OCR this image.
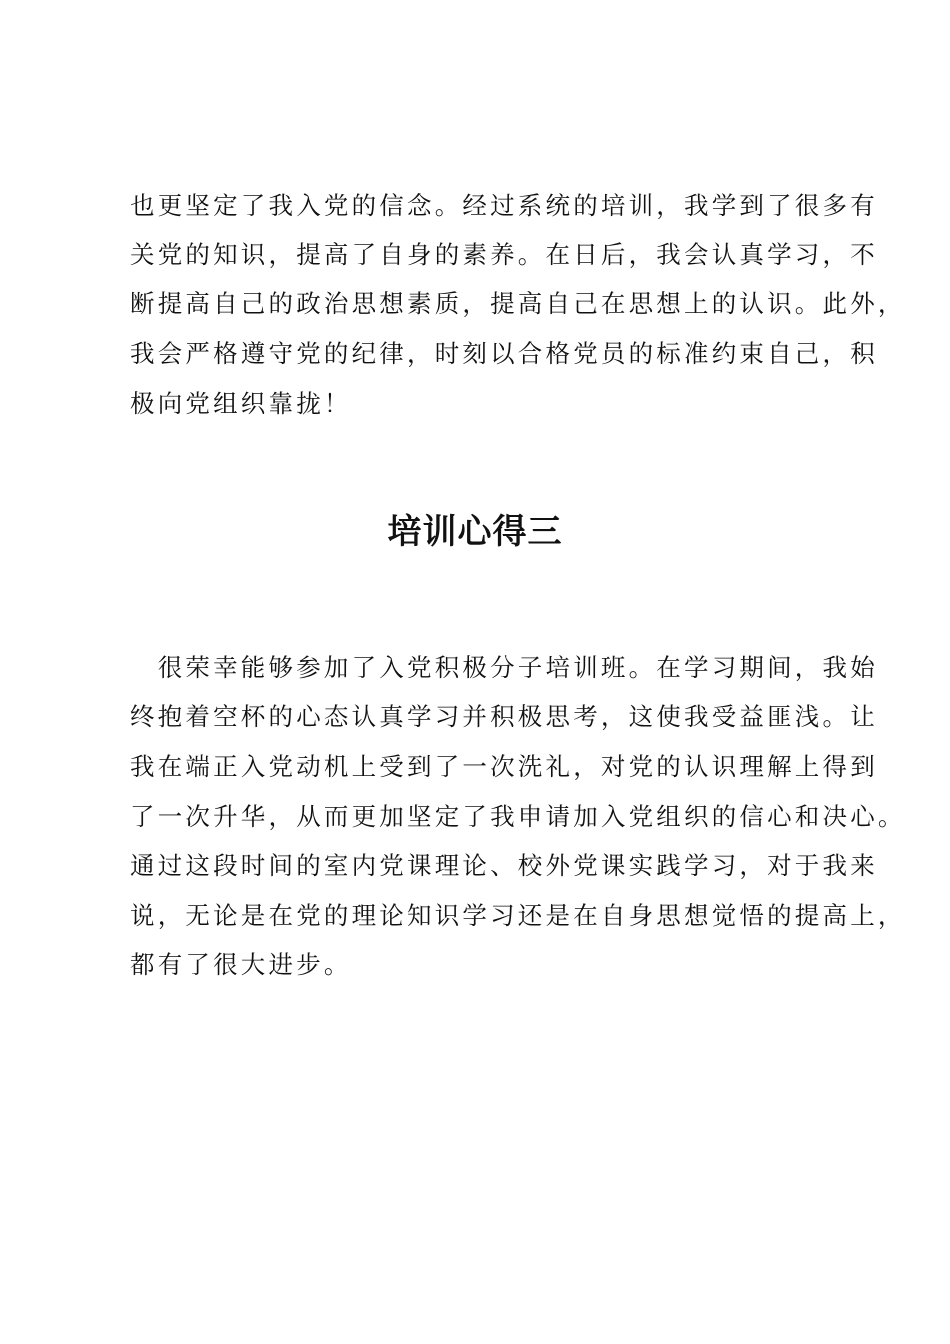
也更坚定了我入党的信念。经过系统的培训，我学到了很多有
关党的知识，提高了自身的素养。在日后，我会认真学习，不
断提高自己的政治思想素质，提高自己在思想上的认识。此外，
我会严格遵守党的纪律，时刻以合格党员的标准约束自己，积
极向党组织靠拢！
培训心得三
　很荣幸能够参加了入党积极分子培训班。在学习期间，我始
终抱着空杯的心态认真学习并积极思考，这使我受益匪浅。让
我在端正入党动机上受到了一次洗礼，对党的认识理解上得到
了一次升华，从而更加坚定了我申请加入党组织的信心和决心。
通过这段时间的室内党课理论、校外党课实践学习，对于我来
说，无论是在党的理论知识学习还是在自身思想觉悟的提高上，
都有了很大进步。
